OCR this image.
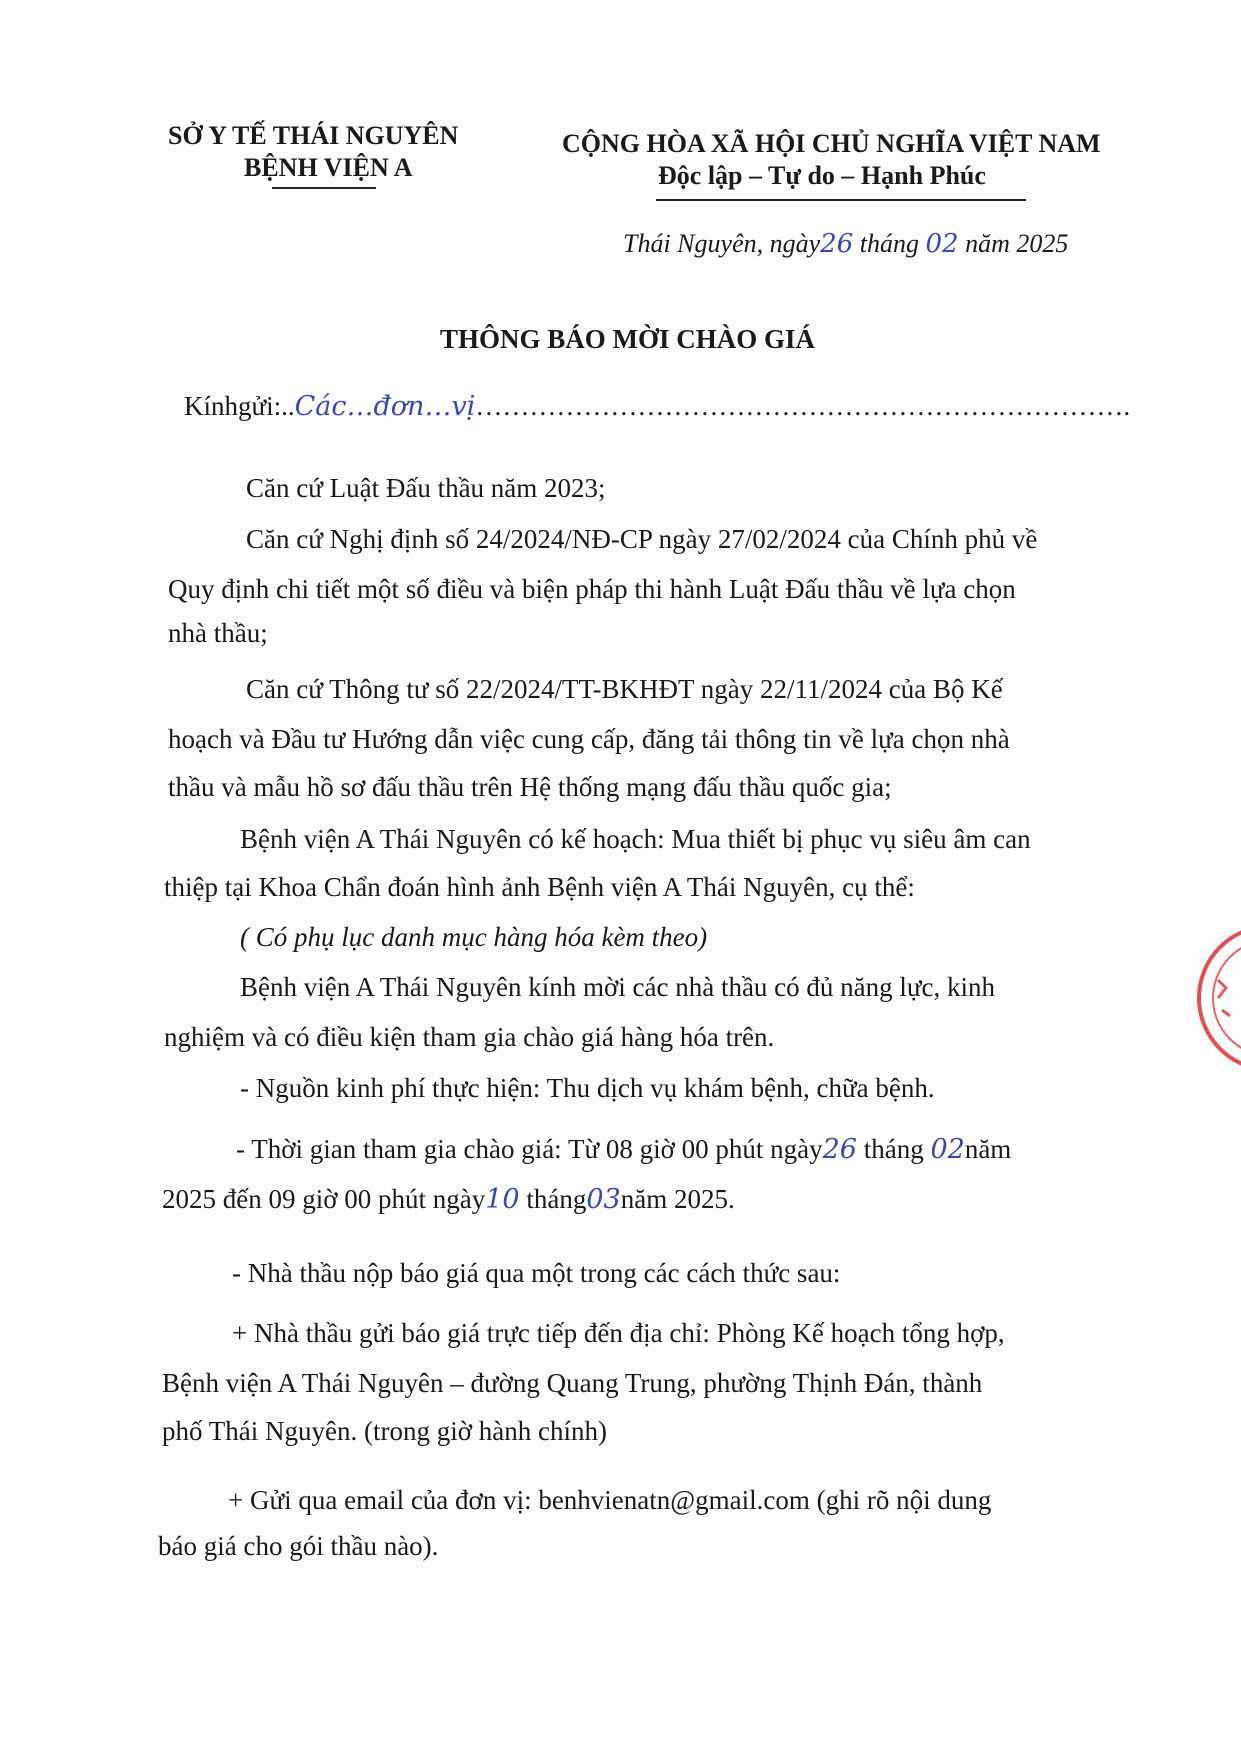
SỞ Y TẾ THÁI NGUYÊN
BỆNH VIỆN A
CỘNG HÒA XÃ HỘI CHỦ NGHĨA VIỆT NAM
Độc lập – Tự do – Hạnh Phúc
Thái Nguyên, ngày26 tháng 02 năm 2025
THÔNG BÁO MỜI CHÀO GIÁ
Kínhgửi:..Các…đơn…vị……………………………………………………………….
Căn cứ Luật Đấu thầu năm 2023;
Căn cứ Nghị định số 24/2024/NĐ-CP ngày 27/02/2024 của Chính phủ về
Quy định chi tiết một số điều và biện pháp thi hành Luật Đấu thầu về lựa chọn
nhà thầu;
Căn cứ Thông tư số 22/2024/TT-BKHĐT ngày 22/11/2024 của Bộ Kế
hoạch và Đầu tư Hướng dẫn việc cung cấp, đăng tải thông tin về lựa chọn nhà
thầu và mẫu hồ sơ đấu thầu trên Hệ thống mạng đấu thầu quốc gia;
Bệnh viện A Thái Nguyên có kế hoạch: Mua thiết bị phục vụ siêu âm can
thiệp tại Khoa Chẩn đoán hình ảnh Bệnh viện A Thái Nguyên, cụ thể:
( Có phụ lục danh mục hàng hóa kèm theo)
Bệnh viện A Thái Nguyên kính mời các nhà thầu có đủ năng lực, kinh
nghiệm và có điều kiện tham gia chào giá hàng hóa trên.
- Nguồn kinh phí thực hiện: Thu dịch vụ khám bệnh, chữa bệnh.
- Thời gian tham gia chào giá: Từ 08 giờ 00 phút ngày26 tháng 02năm
2025 đến 09 giờ 00 phút ngày10 tháng03năm 2025.
- Nhà thầu nộp báo giá qua một trong các cách thức sau:
+ Nhà thầu gửi báo giá trực tiếp đến địa chỉ: Phòng Kế hoạch tổng hợp,
Bệnh viện A Thái Nguyên – đường Quang Trung, phường Thịnh Đán, thành
phố Thái Nguyên. (trong giờ hành chính)
+ Gửi qua email của đơn vị: benhvienatn@gmail.com (ghi rõ nội dung
báo giá cho gói thầu nào).
